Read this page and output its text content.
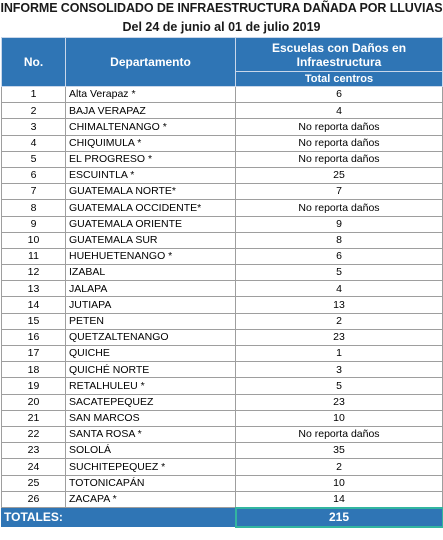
INFORME CONSOLIDADO DE INFRAESTRUCTURA DAÑADA POR LLUVIAS
Del 24 de junio al 01 de julio 2019
No.	Departamento	Escuelas con Daños en Infraestructura
		Total centros
1	Alta Verapaz *	6
2	BAJA VERAPAZ	4
3	CHIMALTENANGO *	No reporta daños
4	CHIQUIMULA *	No reporta daños
5	EL PROGRESO *	No reporta daños
6	ESCUINTLA *	25
7	GUATEMALA NORTE*	7
8	GUATEMALA OCCIDENTE*	No reporta daños
9	GUATEMALA ORIENTE	9
10	GUATEMALA SUR	8
11	HUEHUETENANGO *	6
12	IZABAL	5
13	JALAPA	4
14	JUTIAPA	13
15	PETEN	2
16	QUETZALTENANGO	23
17	QUICHE	1
18	QUICHÉ NORTE	3
19	RETALHULEU *	5
20	SACATEPEQUEZ	23
21	SAN MARCOS	10
22	SANTA ROSA *	No reporta daños
23	SOLOLÁ	35
24	SUCHITEPEQUEZ *	2
25	TOTONICAPÁN	10
26	ZACAPA *	14
TOTALES:		215
